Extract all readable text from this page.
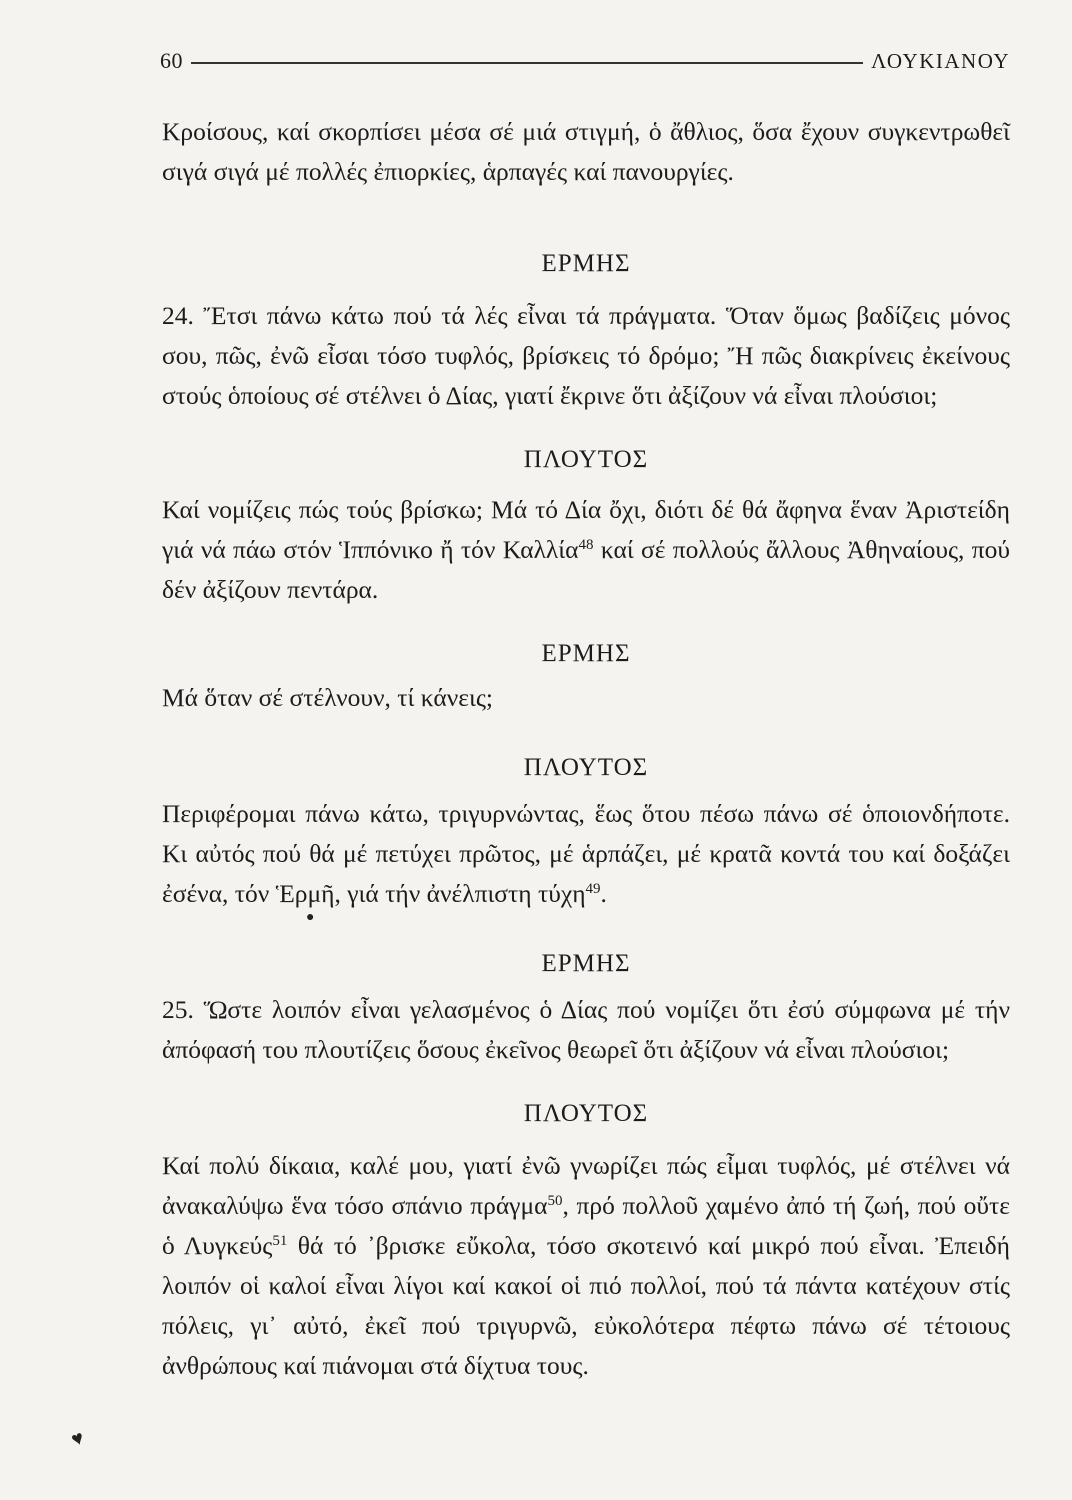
60	ΛΟΥΚΙΑΝΟΥ

Κροίσους, καί σκορπίσει μέσα σέ μιά στιγμή, ὁ ἄθλιος, ὅσα ἔχουν συγκεντρωθεῖ σιγά σιγά μέ πολλές ἐπιορκίες, ἁρπαγές καί πανουργίες.

ΕΡΜΗΣ

24. Ἔτσι πάνω κάτω πού τά λές εἶναι τά πράγματα. Ὅταν ὅμως βαδίζεις μόνος σου, πῶς, ἐνῶ εἶσαι τόσο τυφλός, βρίσκεις τό δρόμο; Ἤ πῶς διακρίνεις ἐκείνους στούς ὁποίους σέ στέλνει ὁ Δίας, γιατί ἔκρινε ὅτι ἀξίζουν νά εἶναι πλούσιοι;

ΠΛΟΥΤΟΣ

Καί νομίζεις πώς τούς βρίσκω; Μά τό Δία ὄχι, διότι δέ θά ἄφηνα ἕναν Ἀριστείδη γιά νά πάω στόν Ἱππόνικο ἤ τόν Καλλία$^{48}$ καί σέ πολλούς ἄλλους Ἀθηναίους, πού δέν ἀξίζουν πεντάρα.

ΕΡΜΗΣ

Μά ὅταν σέ στέλνουν, τί κάνεις;

ΠΛΟΥΤΟΣ

Περιφέρομαι πάνω κάτω, τριγυρνώντας, ἕως ὅτου πέσω πάνω σέ ὁποιονδήποτε. Κι αὐτός πού θά μέ πετύχει πρῶτος, μέ ἁρπάζει, μέ κρατᾶ κοντά του καί δοξάζει ἐσένα, τόν Ἑρμῆ, γιά τήν ἀνέλπιστη τύχη$^{49}$.

ΕΡΜΗΣ

25. Ὥστε λοιπόν εἶναι γελασμένος ὁ Δίας πού νομίζει ὅτι ἐσύ σύμφωνα μέ τήν ἀπόφασή του πλουτίζεις ὅσους ἐκεῖνος θεωρεῖ ὅτι ἀξίζουν νά εἶναι πλούσιοι;

ΠΛΟΥΤΟΣ

Καί πολύ δίκαια, καλέ μου, γιατί ἐνῶ γνωρίζει πώς εἶμαι τυφλός, μέ στέλνει νά ἀνακαλύψω ἕνα τόσο σπάνιο πράγμα$^{50}$, πρό πολλοῦ χαμένο ἀπό τή ζωή, πού οὔτε ὁ Λυγκεύς$^{51}$ θά τό ᾿βρισκε εὔκολα, τόσο σκοτεινό καί μικρό πού εἶναι. Ἐπειδή λοιπόν οἱ καλοί εἶναι λίγοι καί κακοί οἱ πιό πολλοί, πού τά πάντα κατέχουν στίς πόλεις, γι᾿ αὐτό, ἐκεῖ πού τριγυρνῶ, εὐκολότερα πέφτω πάνω σέ τέτοιους ἀνθρώπους καί πιάνομαι στά δίχτυα τους.

●
♥
